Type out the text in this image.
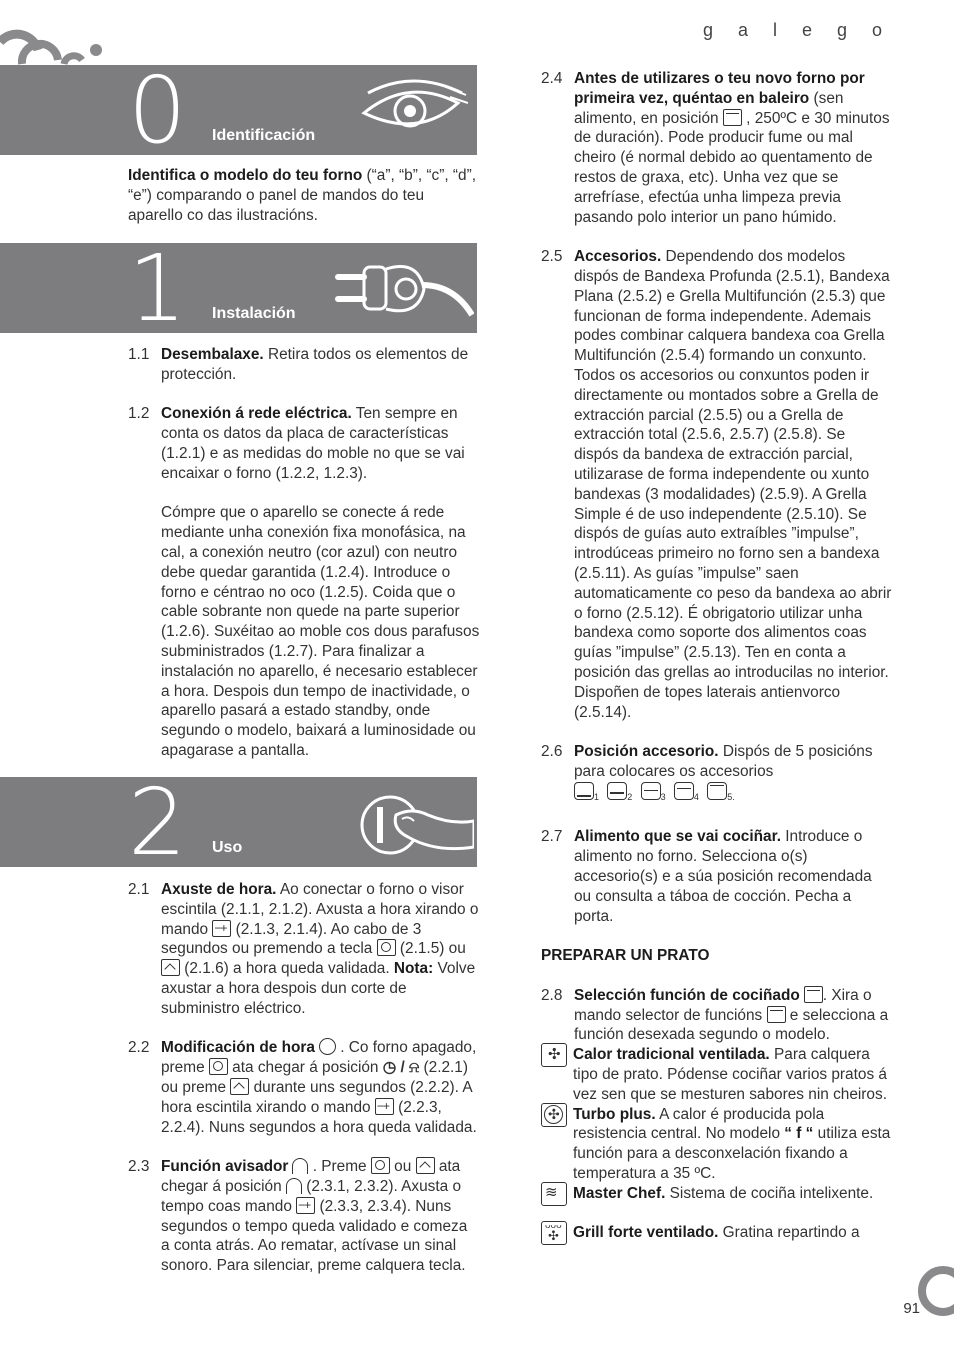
g a l e g o
0 Identificación

Identifica o modelo do teu forno (“a”, “b”, “c”, “d”, “e”) comparando o panel de mandos do teu aparello co das ilustracións.

1 Instalación
1.1 Desembalaxe. Retira todos os elementos de protección.
1.2 Conexión á rede eléctrica. Ten sempre en conta os datos da placa de características (1.2.1) e as medidas do moble no que se vai encaixar o forno (1.2.2, 1.2.3).
Cómpre que o aparello se conecte á rede mediante unha conexión fixa monofásica, na cal, a conexión neutro (cor azul) con neutro debe quedar garantida (1.2.4). Introduce o forno e céntrao no oco (1.2.5). Coida que o cable sobrante non quede na parte superior (1.2.6). Suxéitao ao moble cos dous parafusos subministrados (1.2.7). Para finalizar a instalación no aparello, é necesario establecer a hora. Despois dun tempo de inactividade, o aparello pasará a estado standby, onde segundo o modelo, baixará a luminosidade ou apagarase a pantalla.
2 Uso
2.1 Axuste de hora. Ao conectar o forno o visor escintila (2.1.1, 2.1.2). Axusta a hora xirando o mando −+ (2.1.3, 2.1.4). Ao cabo de 3 segundos ou premendo a tecla  (2.1.5) ou  (2.1.6) a hora queda validada. Nota: Volve axustar a hora despois dun corte de subministro eléctrico.
2.2 Modificación de hora . Co forno apagado, preme  ata chegar á posición ◷ / ⍾ (2.2.1) ou preme  durante uns segundos (2.2.2). A hora escintila xirando o mando −+ (2.2.3, 2.2.4). Nuns segundos a hora queda validada.
2.3 Función avisador . Preme  ou  ata chegar á posición  (2.3.1, 2.3.2). Axusta o tempo coas mando −+ (2.3.3, 2.3.4). Nuns segundos o tempo queda validado e comeza a conta atrás. Ao rematar, actívase un sinal sonoro. Para silenciar, preme calquera tecla.
2.4 Antes de utilizares o teu novo forno por primeira vez, quéntao en baleiro (sen alimento, en posición  , 250ºC e 30 minutos de duración). Pode producir fume ou mal cheiro (é normal debido ao quentamento de restos de graxa, etc). Unha vez que se arrefríase, efectúa unha limpeza previa pasando polo interior un pano húmido.
2.5 Accesorios. Dependendo dos modelos dispós de Bandexa Profunda (2.5.1), Bandexa Plana (2.5.2) e Grella Multifunción (2.5.3) que funcionan de forma independente. Ademais podes combinar calquera bandexa coa Grella Multifunción (2.5.4) formando un conxunto. Todos os accesorios ou conxuntos poden ir directamente ou montados sobre a Grella de extracción parcial (2.5.5) ou a Grella de extracción total (2.5.6, 2.5.7) (2.5.8). Se dispós da bandexa de extracción parcial, utilizarase de forma independente ou xunto bandexas (3 modalidades) (2.5.9). A Grella Simple é de uso independente (2.5.10). Se dispós de guías auto extraíbles ”impulse”, introdúceas primeiro no forno sen a bandexa (2.5.11). As guías ”impulse” saen automaticamente co peso da bandexa ao abrir o forno (2.5.12). É obrigatorio utilizar unha bandexa como soporte dos alimentos coas guías ”impulse” (2.5.13). Ten en conta a posición das grellas ao introducilas no interior. Dispoñen de topes laterais antienvorco (2.5.14).
2.6 Posición accesorio. Dispós de 5 posicións para colocares os accesorios

$_1$	$_2$	$_3$	$_4$	$_{5.}$
2.7 Alimento que se vai cociñar. Introduce o alimento no forno. Selecciona o(s) accesorio(s) e a súa posición recomendada ou consulta a táboa de cocción. Pecha a porta.

PREPARAR UN PRATO

2.8 Selección función de cociñado . Xira o mando selector de funcións  e selecciona a función desexada segundo o modelo.
✣ Calor tradicional ventilada. Para calquera tipo de prato. Pódense cociñar varios pratos á vez sen que se mesturen sabores nin cheiros.
✣ Turbo plus. A calor é producida pola resistencia central. No modelo “ f “ utiliza esta función para a desconxelación fixando a temperatura a 35 ºC.
≋ Master Chef. Sistema de cociña intelixente.
ᴗᴗᴗ
✣ Grill forte ventilado. Gratina repartindo a
91
